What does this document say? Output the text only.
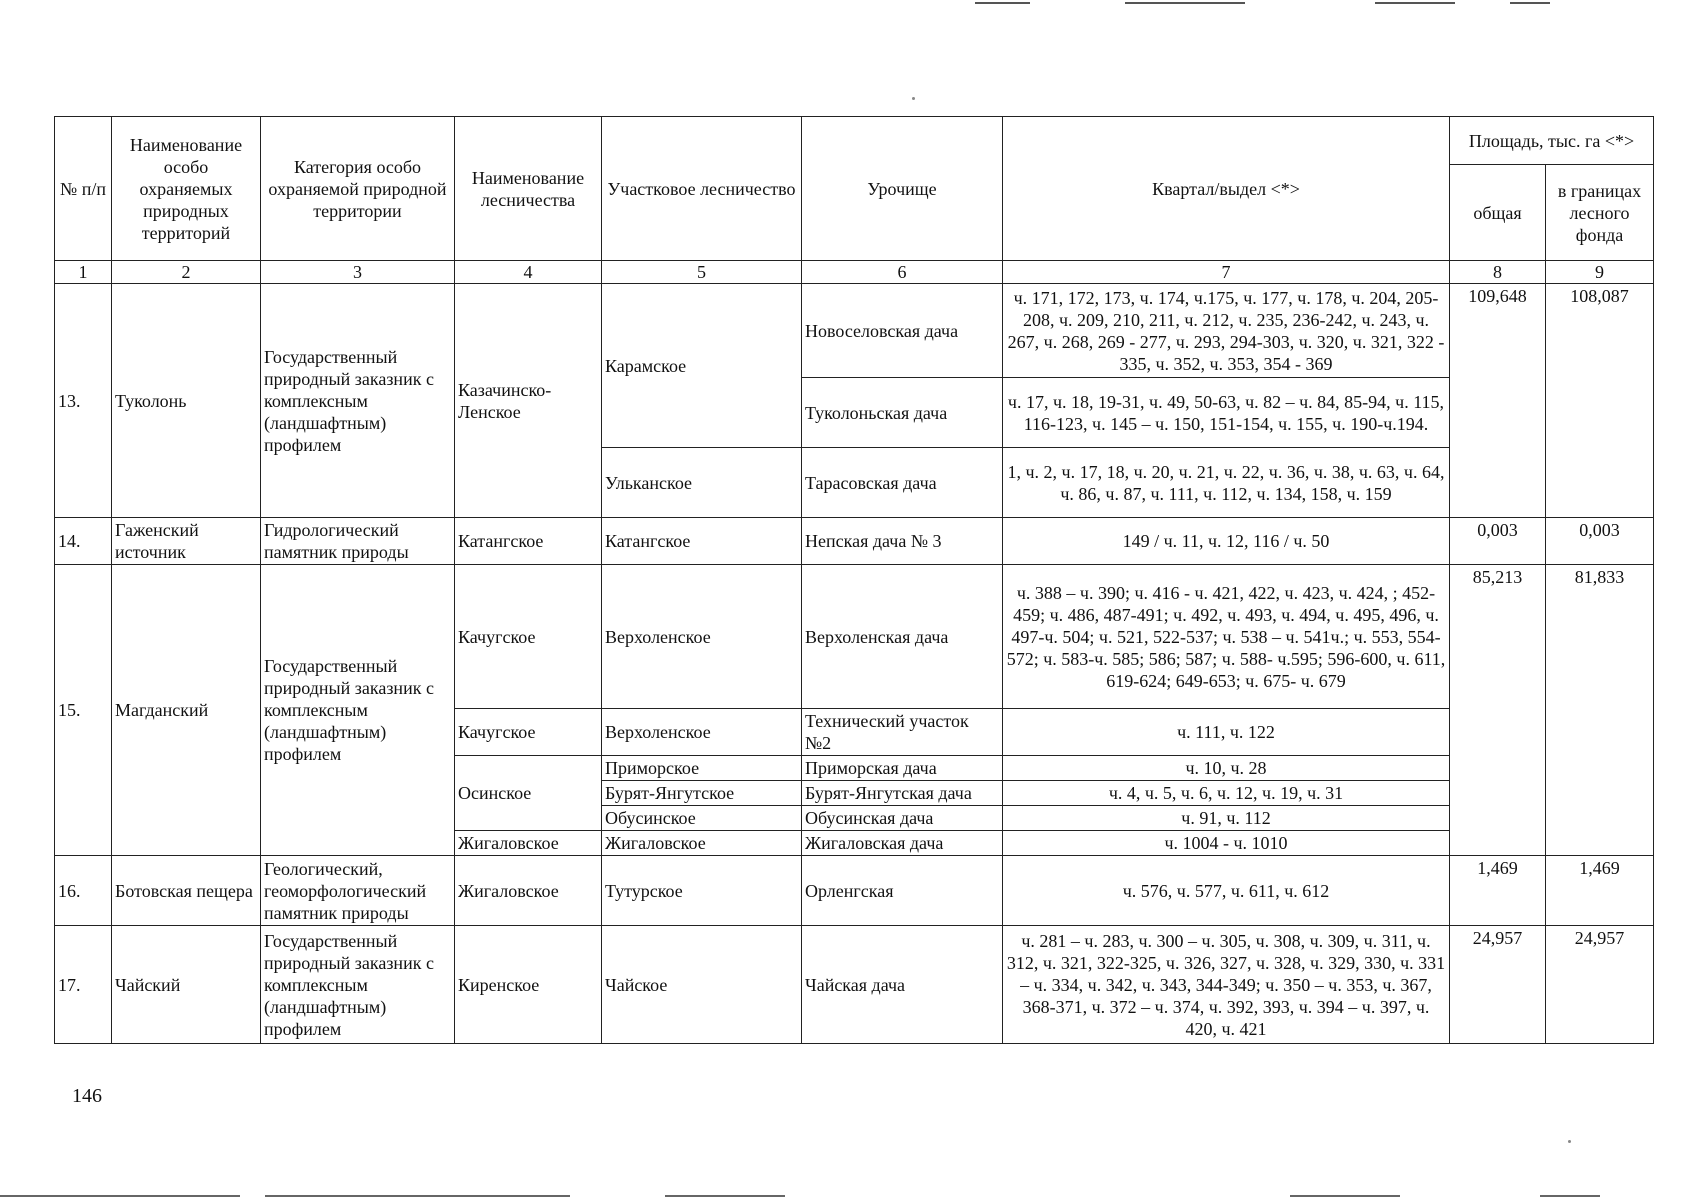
№ п/п	Наименование особо охраняемых природных территорий	Категория особо охраняемой природной территории	Наименование лесничества	Участковое лесничество	Урочище	Квартал/выдел <*>	Площадь, тыс. га <*>	
							общая	в границах лесного фонда
1	2	3	4	5	6	7	8	9
13.	Туколонь	Государственный природный заказник с комплексным (ландшафтным) профилем	Казачинско-Ленское	Карамское	Новоселовская дача	ч. 171, 172, 173, ч. 174, ч.175, ч. 177, ч. 178, ч. 204, 205-208, ч. 209, 210, 211, ч. 212, ч. 235, 236-242, ч. 243, ч. 267, ч. 268, 269 - 277, ч. 293, 294-303, ч. 320, ч. 321, 322 - 335, ч. 352, ч. 353, 354 - 369	109,648	108,087
					Туколоньская дача	ч. 17, ч. 18, 19-31, ч. 49, 50-63, ч. 82 – ч. 84, 85-94, ч. 115, 116-123, ч. 145 – ч. 150, 151-154, ч. 155, ч. 190-ч.194.		
				Ульканское	Тарасовская дача	1, ч. 2, ч. 17, 18, ч. 20, ч. 21, ч. 22, ч. 36, ч. 38, ч. 63, ч. 64, ч. 86, ч. 87, ч. 111, ч. 112, ч. 134, 158, ч. 159		
14.	Гаженский источник	Гидрологический памятник природы	Катангское	Катангское	Непская дача № 3	149 / ч. 11, ч. 12, 116 / ч. 50	0,003	0,003
15.	Магданский	Государственный природный заказник с комплексным (ландшафтным) профилем	Качугское	Верхоленское	Верхоленская дача	ч. 388 – ч. 390; ч. 416 - ч. 421, 422, ч. 423, ч. 424, ; 452-459; ч. 486, 487-491; ч. 492, ч. 493, ч. 494, ч. 495, 496, ч. 497-ч. 504; ч. 521, 522-537; ч. 538 – ч. 541ч.; ч. 553, 554-572; ч. 583-ч. 585; 586; 587; ч. 588- ч.595; 596-600, ч. 611, 619-624; 649-653; ч. 675- ч. 679	85,213	81,833
			Качугское	Верхоленское	Технический участок №2	ч. 111, ч. 122		
			Осинское	Приморское	Приморская дача	ч. 10, ч. 28		
				Бурят-Янгутское	Бурят-Янгутская дача	ч. 4, ч. 5, ч. 6, ч. 12, ч. 19, ч. 31		
				Обусинское	Обусинская дача	ч. 91, ч. 112		
			Жигаловское	Жигаловское	Жигаловская дача	ч. 1004 - ч. 1010		
16.	Ботовская пещера	Геологический, геоморфологический памятник природы	Жигаловское	Тутурское	Орленгская	ч. 576, ч. 577, ч. 611, ч. 612	1,469	1,469
17.	Чайский	Государственный природный заказник с комплексным (ландшафтным) профилем	Киренское	Чайское	Чайская дача	ч. 281 – ч. 283, ч. 300 – ч. 305, ч. 308, ч. 309, ч. 311, ч. 312, ч. 321, 322-325, ч. 326, 327, ч. 328, ч. 329, 330, ч. 331 – ч. 334, ч. 342, ч. 343, 344-349; ч. 350 – ч. 353, ч. 367, 368-371, ч. 372 – ч. 374, ч. 392, 393, ч. 394 – ч. 397, ч. 420, ч. 421	24,957	24,957
146
